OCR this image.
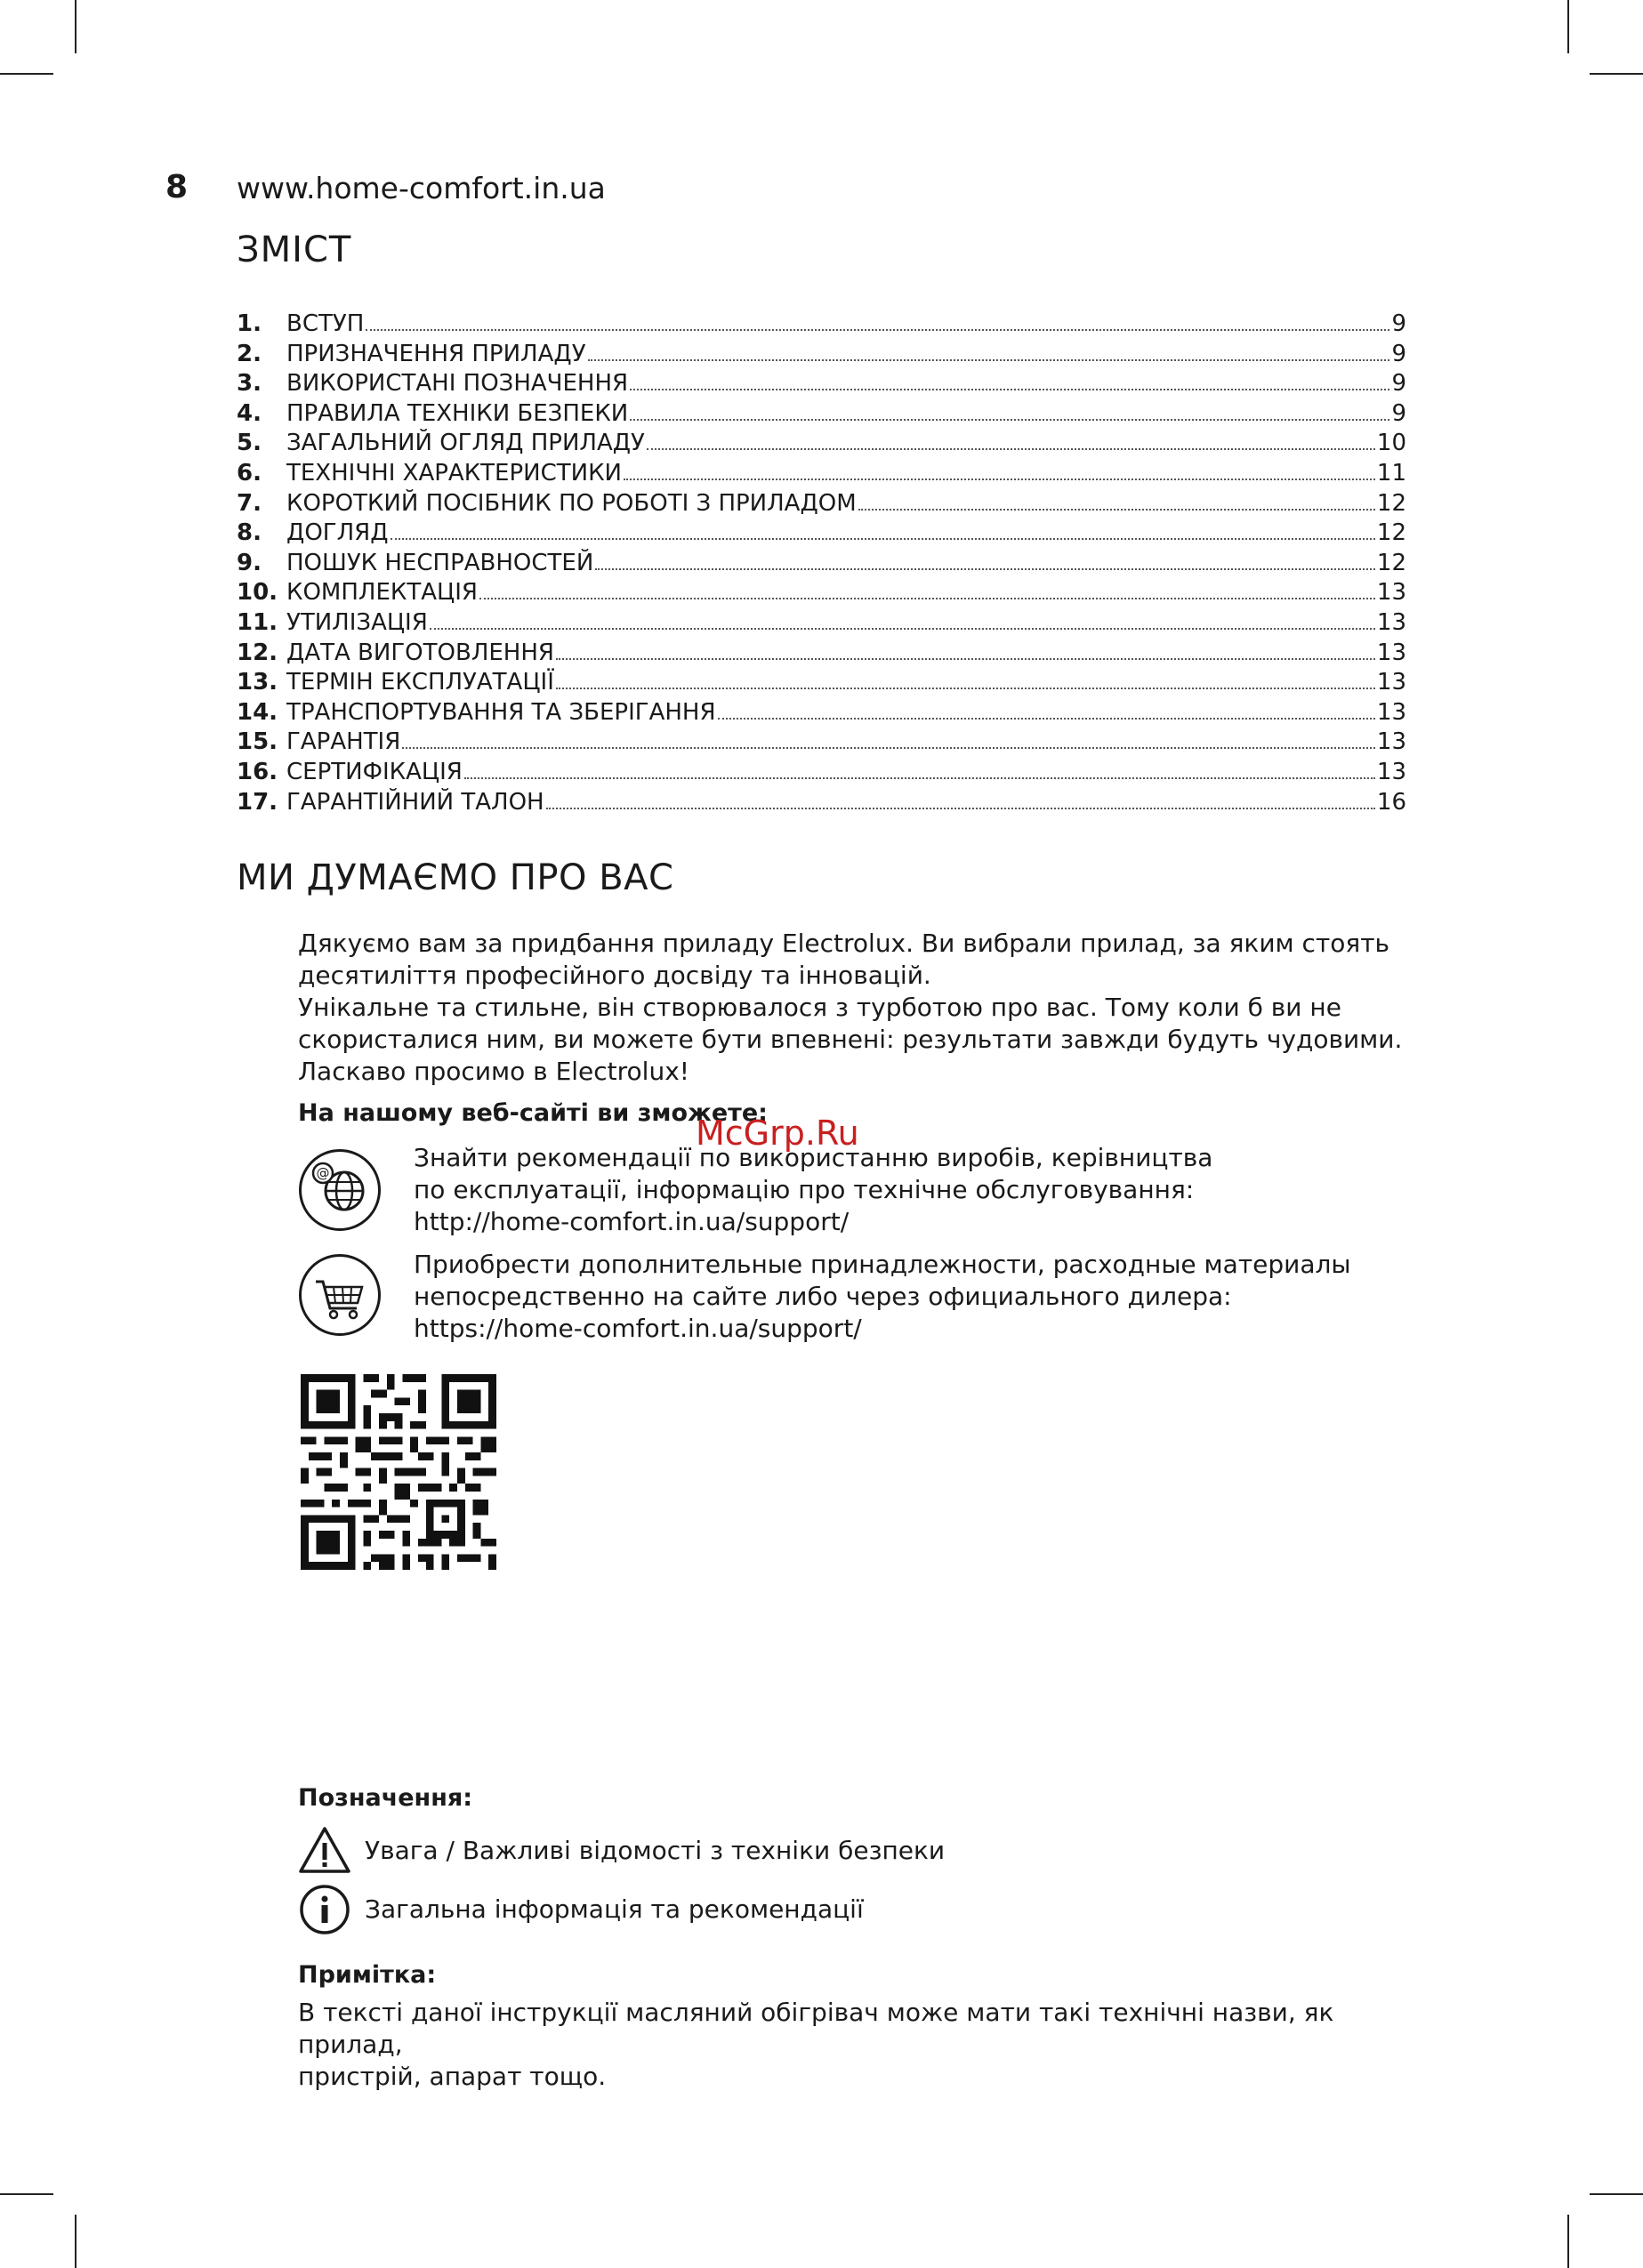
8 www.home-comfort.in.ua
ЗМІСТ
1.	ВСТУП	9
2.	ПРИЗНАЧЕННЯ ПРИЛАДУ	9
3.	ВИКОРИСТАНІ ПОЗНАЧЕННЯ	9
4.	ПРАВИЛА ТЕХНІКИ БЕЗПЕКИ	9
5.	ЗАГАЛЬНИЙ ОГЛЯД ПРИЛАДУ	10
6.	ТЕХНІЧНІ ХАРАКТЕРИСТИКИ	11
7.	КОРОТКИЙ ПОСІБНИК ПО РОБОТІ З ПРИЛАДОМ	12
8.	ДОГЛЯД	12
9.	ПОШУК НЕСПРАВНОСТЕЙ	12
10. КОМПЛЕКТАЦІЯ	13
11. УТИЛІЗАЦІЯ	13
12. ДАТА ВИГОТОВЛЕННЯ	13
13. ТЕРМІН ЕКСПЛУАТАЦІЇ	13
14. ТРАНСПОРТУВАННЯ ТА ЗБЕРІГАННЯ	13
15. ГАРАНТІЯ	13
16. СЕРТИФІКАЦІЯ	13
17. ГАРАНТІЙНИЙ ТАЛОН	16
МИ ДУМАЄМО ПРО ВАС

Дякуємо вам за придбання приладу Electrolux. Ви вибрали прилад, за яким стоять

десятиліття професійного досвіду та інновацій.

Унікальне та стильне, він створювалося з турботою про вас. Тому коли б ви не

скористалися ним, ви можете бути впевнені: результати завжди будуть чудовими.

Ласкаво просимо в Electrolux!

На нашому веб-сайті ви зможете:
McGrp.Ru
@

Знайти рекомендації по використанню виробів, керівництва

по експлуатації, інформацію про технічне обслуговування:

http://home-comfort.in.ua/support/

Приобрести дополнительные принадлежности, расходные материалы

непосредственно на сайте либо через официального дилера:

https://home-comfort.in.ua/support/

Позначення:
Увага / Важливі відомості з техніки безпеки
Загальна інформація та рекомендації
Примітка:
В тексті даної інструкції масляний обігрівач може мати такі технічні назви, як прилад,
пристрій, апарат тощо.
